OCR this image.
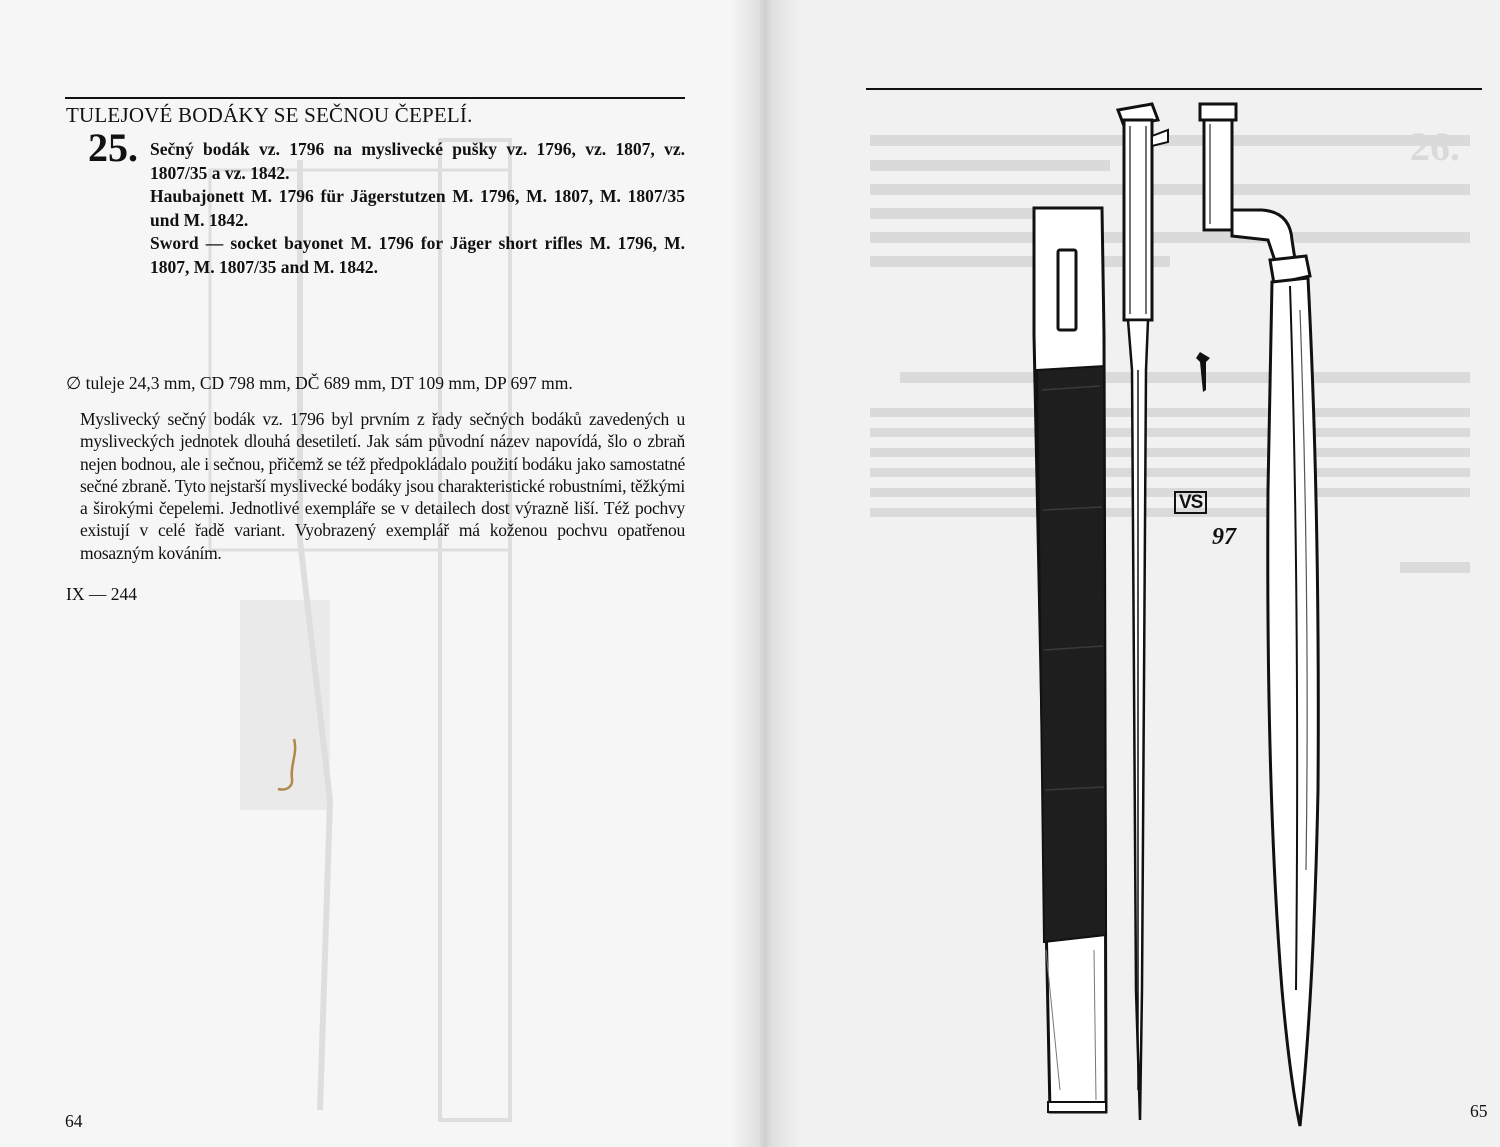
TULEJOVÉ BODÁKY SE SEČNOU ČEPELÍ.

25. Sečný bodák vz. 1796 na myslivecké pušky vz. 1796, vz. 1807, vz. 1807/35 a vz. 1842.

Haubajonett M. 1796 für Jägerstutzen M. 1796, M. 1807, M. 1807/35 und M. 1842.

Sword — socket bayonet M. 1796 for Jäger short rifles M. 1796, M. 1807, M. 1807/35 and M. 1842.

∅ tuleje 24,3 mm, CD 798 mm, DČ 689 mm, DT 109 mm, DP 697 mm.

Myslivecký sečný bodák vz. 1796 byl prvním z řady sečných bodáků zavedených u mysliveckých jednotek dlouhá desetiletí. Jak sám původní název napovídá, šlo o zbraň nejen bodnou, ale i sečnou, přičemž se též předpokládalo použití bodáku jako samostatné sečné zbraně. Tyto nejstarší myslivecké bodáky jsou charakteristické robustními, těžkými a širokými čepelemi. Jednotlivé exempláře se v detailech dost výrazně liší. Též pochvy existují v celé řadě variant. Vyobrazený exemplář má koženou pochvu opatřenou mosazným kováním.

IX — 244

64

26.

65

VS

97
